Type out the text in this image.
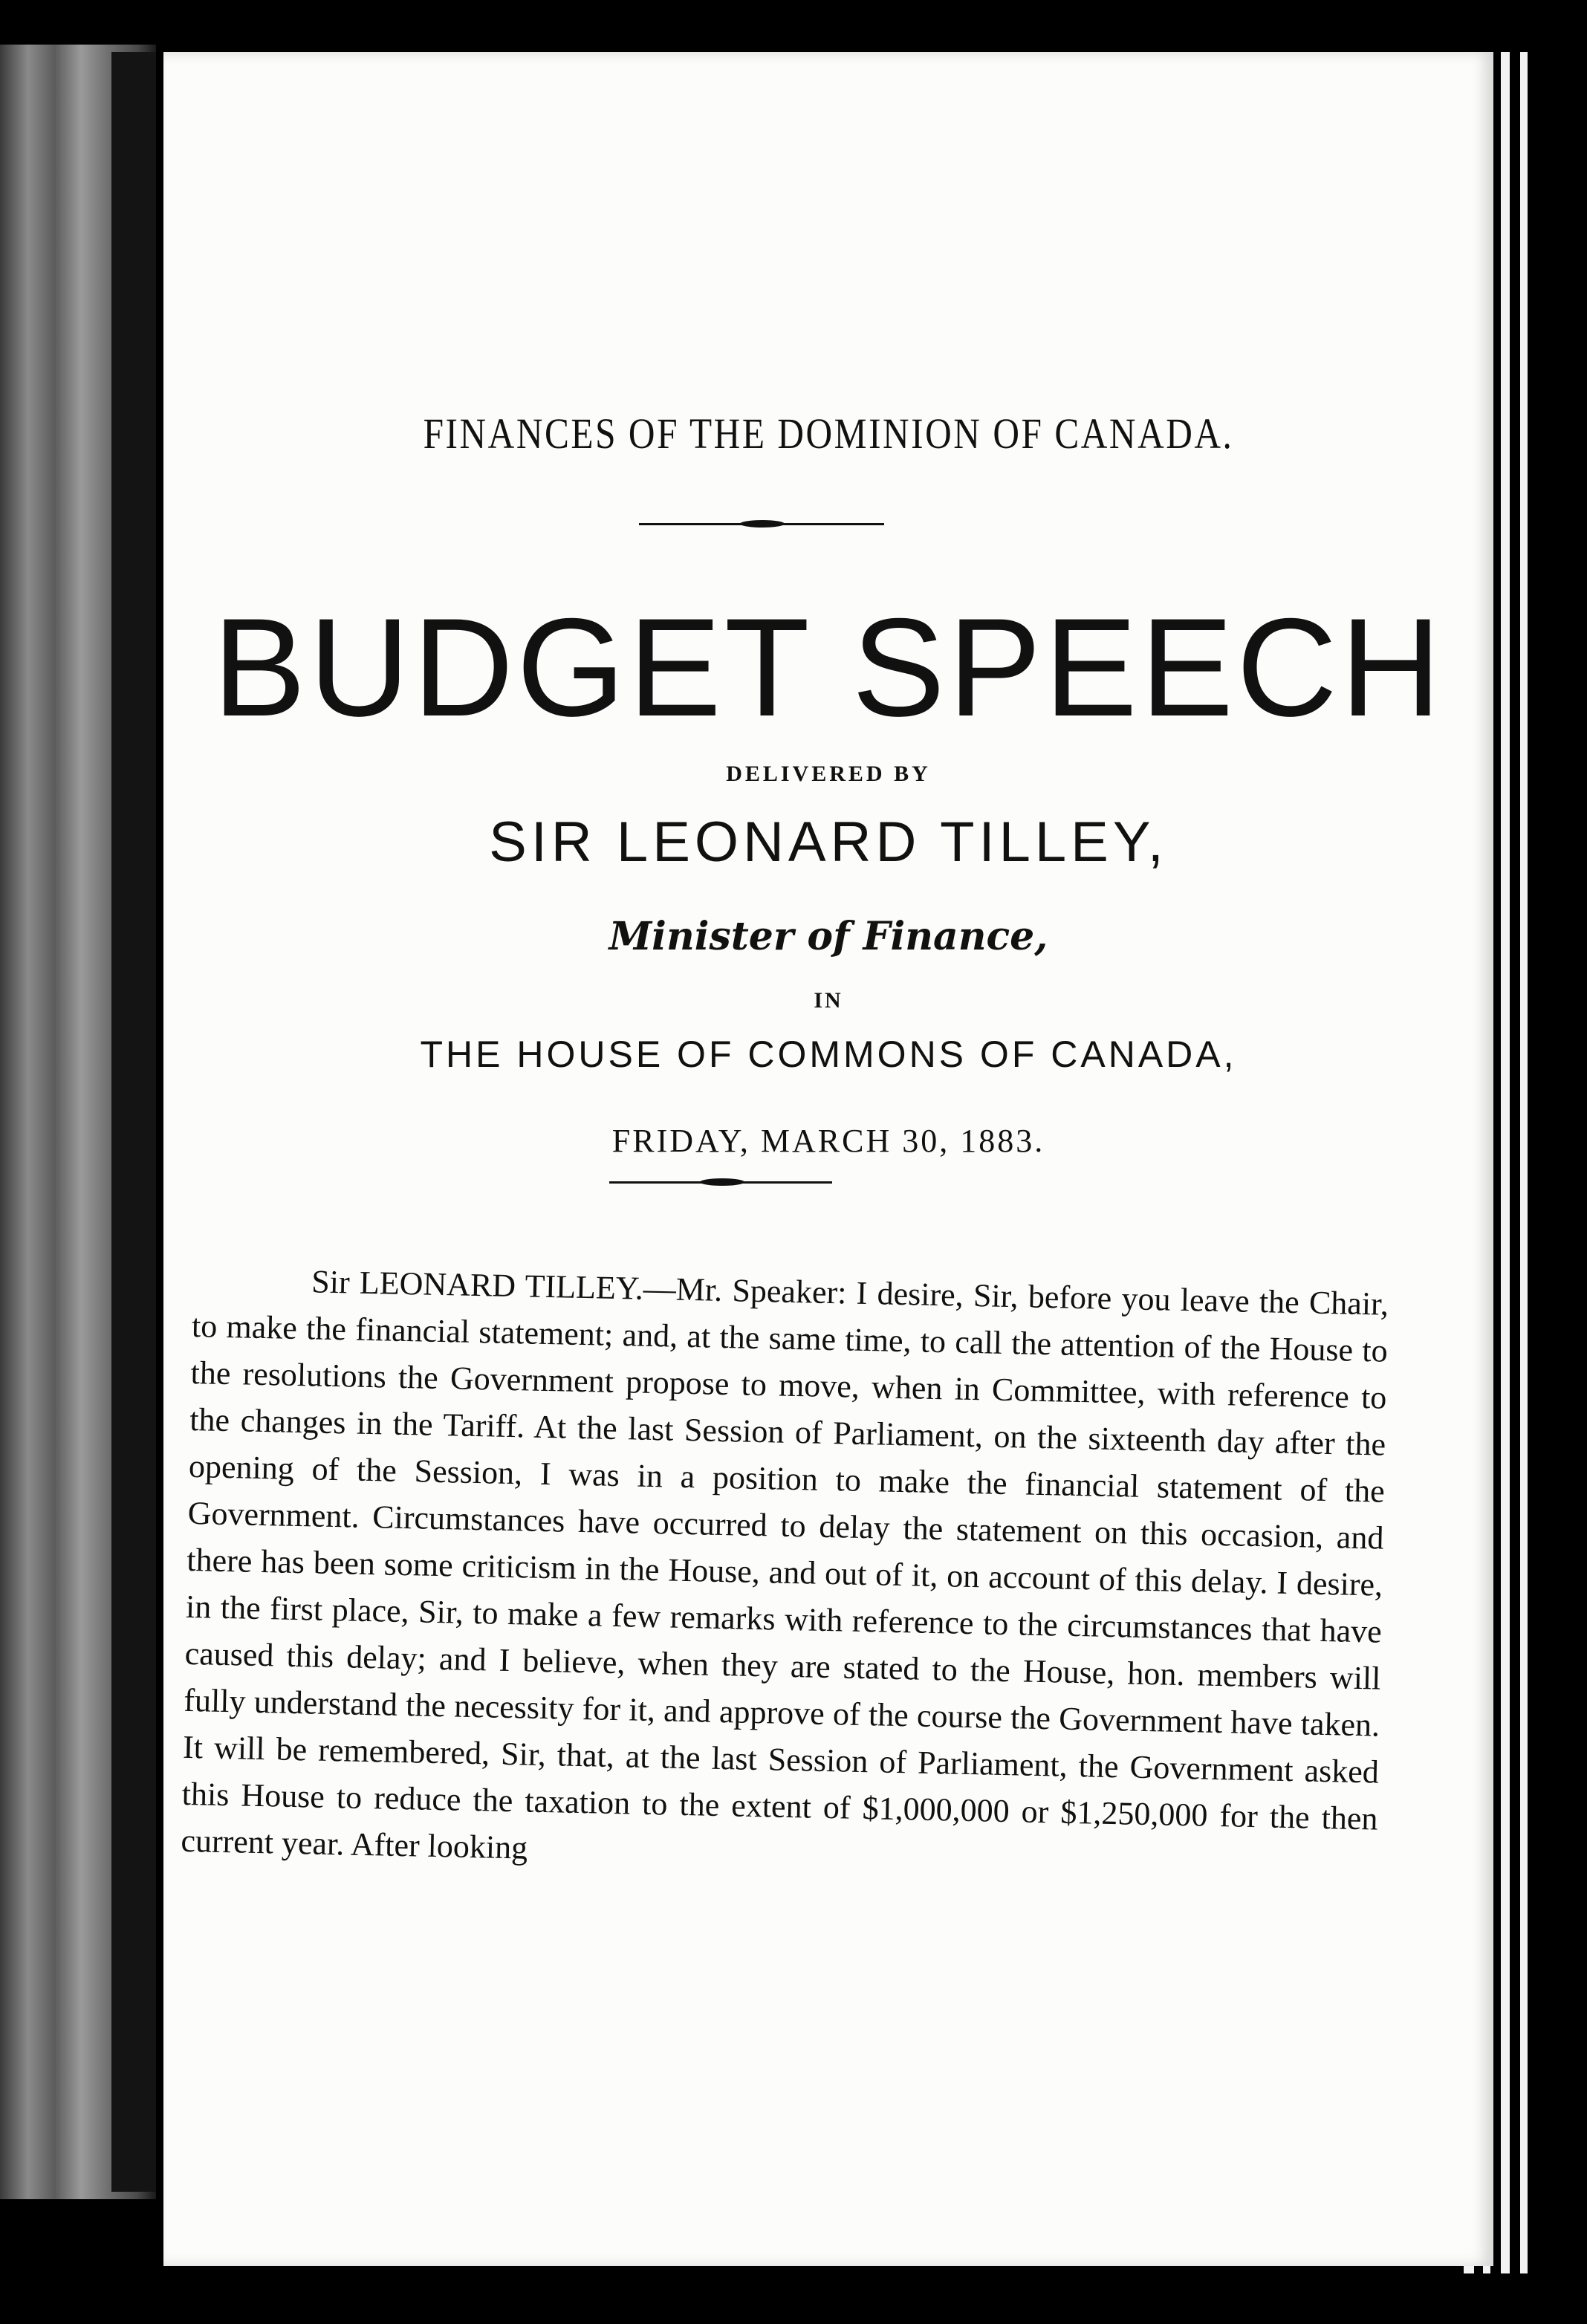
FINANCES OF THE DOMINION OF CANADA.
BUDGET SPEECH
DELIVERED BY
SIR LEONARD TILLEY,
Minister of Finance,
IN
THE HOUSE OF COMMONS OF CANADA,
FRIDAY, MARCH 30, 1883.

Sir LEONARD TILLEY.—Mr. Speaker: I desire, Sir, before you leave the Chair, to make the financial statement; and, at the same time, to call the attention of the House to the resolutions the Government propose to move, when in Committee, with reference to the changes in the Tariff. At the last Session of Parliament, on the sixteenth day after the opening of the Session, I was in a position to make the financial statement of the Government. Circumstances have occurred to delay the statement on this occasion, and there has been some criticism in the House, and out of it, on account of this delay. I desire, in the first place, Sir, to make a few remarks with reference to the circumstances that have caused this delay; and I believe, when they are stated to the House, hon. members will fully understand the necessity for it, and approve of the course the Government have taken. It will be remembered, Sir, that, at the last Session of Parliament, the Government asked this House to reduce the taxation to the extent of $1,000,000 or $1,250,000 for the then current year. After looking
